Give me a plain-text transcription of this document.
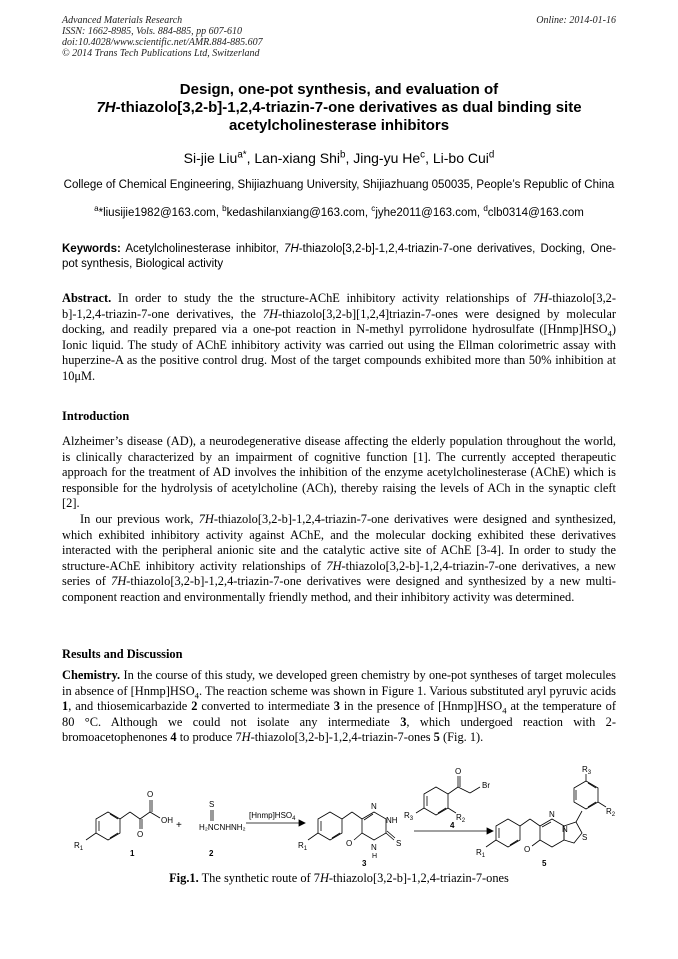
Advanced Materials Research
ISSN: 1662-8985, Vols. 884-885, pp 607-610
doi:10.4028/www.scientific.net/AMR.884-885.607
© 2014 Trans Tech Publications Ltd, Switzerland
Online: 2014-01-16
Design, one-pot synthesis, and evaluation of
7H-thiazolo[3,2-b]-1,2,4-triazin-7-one derivatives as dual binding site
acetylcholinesterase inhibitors
Si-jie Liu$^{a*}$, Lan-xiang Shi$^b$, Jing-yu He$^c$, Li-bo Cui$^d$
College of Chemical Engineering, Shijiazhuang University, Shijiazhuang 050035, People’s Republic of China
$^a$*liusijie1982@163.com, $^b$kedashilanxiang@163.com, $^c$jyhe2011@163.com, $^d$clb0314@163.com
Keywords: Acetylcholinesterase inhibitor, 7H-thiazolo[3,2-b]-1,2,4-triazin-7-one derivatives, Docking, One-pot synthesis, Biological activity
Abstract. In order to study the the structure-AChE inhibitory activity relationships of 7H-thiazolo[3,2-b]-1,2,4-triazin-7-one derivatives, the 7H-thiazolo[3,2-b][1,2,4]triazin-7-ones were designed by molecular docking, and readily prepared via a one-pot reaction in N-methyl pyrrolidone hydrosulfate $([Hnmp]HSO_4)$ Ionic liquid. The study of AChE inhibitory activity was carried out using the Ellman colorimetric assay with huperzine-A as the positive control drug. Most of the target compounds exhibited more than 50% inhibition at 10μM.
Introduction
Alzheimer’s disease (AD), a neurodegenerative disease affecting the elderly population throughout the world, is clinically characterized by an impairment of cognitive function [1]. The currently accepted therapeutic approach for the treatment of AD involves the inhibition of the enzyme acetylcholinesterase (AChE) which is responsible for the hydrolysis of acetylcholine (ACh), thereby raising the levels of ACh in the synaptic cleft [2].
In our previous work, 7H-thiazolo[3,2-b]-1,2,4-triazin-7-one derivatives were designed and synthesized, which exhibited inhibitory activity against AChE, and the molecular docking exhibited these derivatives interacted with the peripheral anionic site and the catalytic active site of AChE [3-4]. In order to study the structure-AChE inhibitory activity relationships of 7H-thiazolo[3,2-b]-1,2,4-triazin-7-one derivatives, a new series of 7H-thiazolo[3,2-b]-1,2,4-triazin-7-one derivatives were designed and synthesized by a new multi-component reaction and environmentally friendly method, and their inhibitory activity was determined.
Results and Discussion
Chemistry. In the course of this study, we developed green chemistry by one-pot syntheses of target molecules in absence of $[Hnmp]HSO_4$. The reaction scheme was shown in Figure 1. Various substituted aryl pyruvic acids 1, and thiosemicarbazide 2 converted to intermediate 3 in the presence of $[Hnmp]HSO_4$ at the temperature of 80 °C. Although we could not isolate any intermediate 3, which undergoed reaction with 2-bromoacetophenones 4 to produce 7H-thiazolo[3,2-b]-1,2,4-triazin-7-ones 5 (Fig. 1).
O
O
OH
$R_1$	1
+ H₂NCNHNH₂
S
2
$[Hnmp]HSO_4$
O
N
NH
N
H
S
$R_1$
3
O
Br
$R_2$
$R_3$
4
O
N
N
S
$R_3$
$R_2$
$R_1$
5
Fig.1. The synthetic route of 7H-thiazolo[3,2-b]-1,2,4-triazin-7-ones
